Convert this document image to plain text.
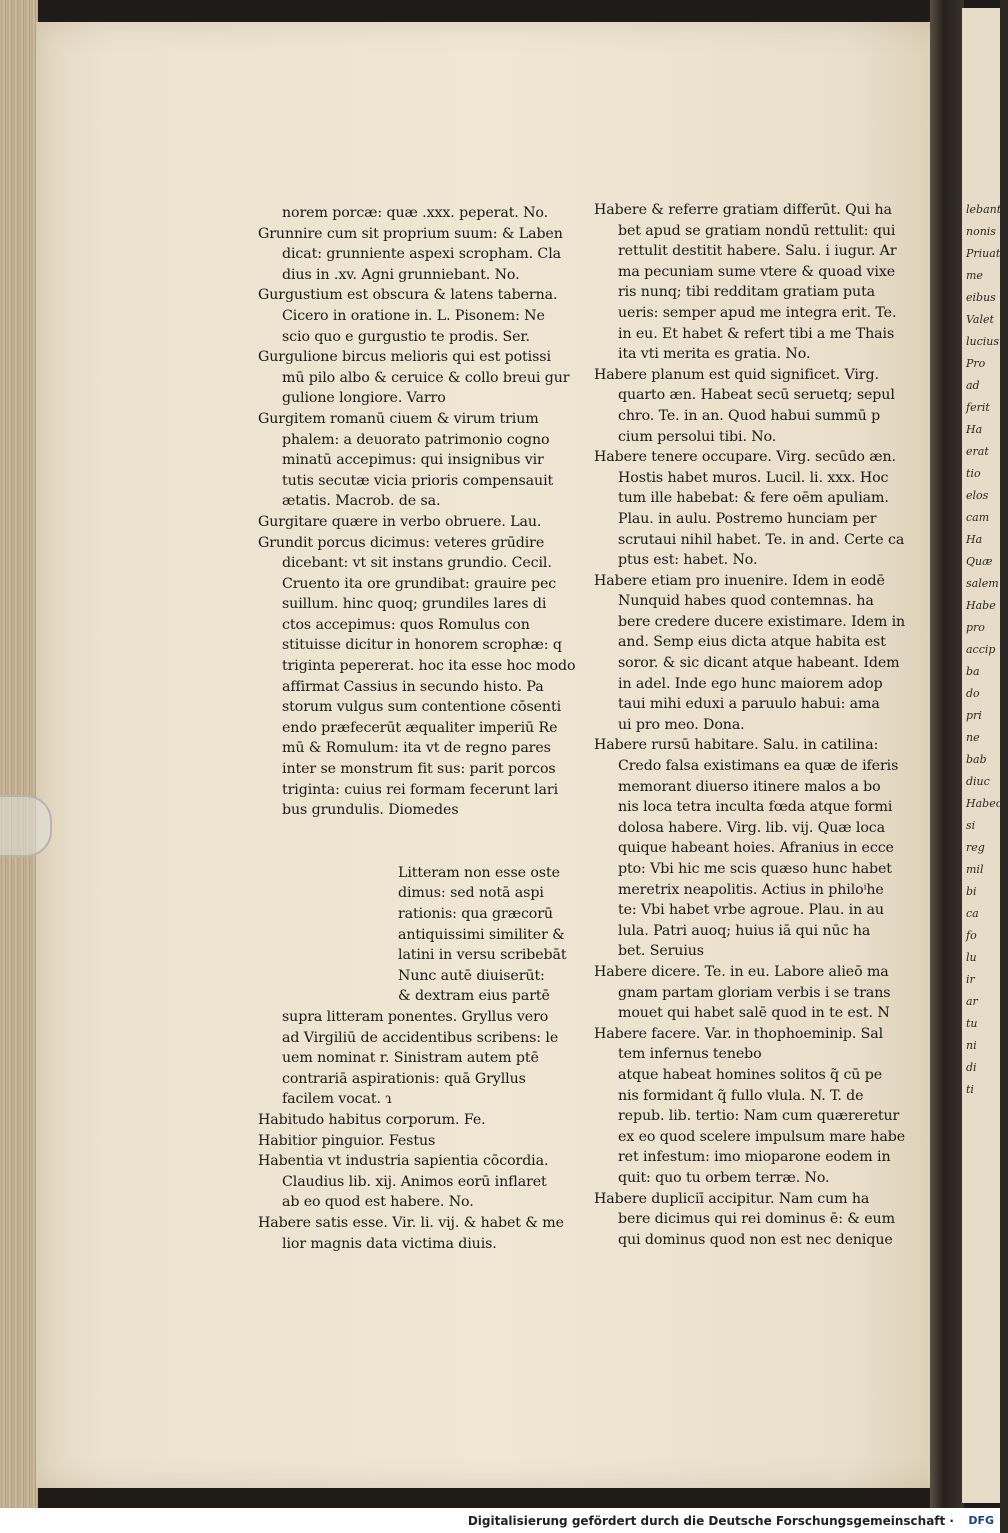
lebanto
nonis
Priuata
me
eibus
Valet
lucius
Pro
ad
ferit
Ha
erat
tio
elos
cam
Ha
Quæ
salem
Habe
pro
accip
ba
do
pri
ne
bab
diuc
Habeo
si
reg
mil
bi
ca
fo
lu
ir
ar
tu
ni
di
ti
norem porcæ: quæ .xxx. peperat. No.
Grunnire cum sit proprium suum: & Laben
dicat: grunniente aspexi scropham. Cla
dius in .xv. Agni grunniebant. No.
Gurgustium est obscura & latens taberna.
Cicero in oratione in. L. Pisonem: Ne
scio quo e gurgustio te prodis. Ser.
Gurgulione bircus melioris qui est potissi
mū pilo albo & ceruice & collo breui gur
gulione longiore. Varro
Gurgitem romanū ciuem & virum trium
phalem: a deuorato patrimonio cogno
minatū accepimus: qui insignibus vir
tutis secutæ vicia prioris compensauit
ætatis. Macrob. de sa.
Gurgitare quære in verbo obruere. Lau.
Grundit porcus dicimus: veteres grūdire
dicebant: vt sit instans grundio. Cecil.
Cruento ita ore grundibat: grauire pec
suillum. hinc quoq; grundiles lares di
ctos accepimus: quos Romulus con
stituisse dicitur in honorem scrophæ: q
triginta pepererat. hoc ita esse hoc modo
affirmat Cassius in secundo histo. Pa
storum vulgus sum contentione cōsenti
endo præfecerūt æqualiter imperiū Re
mū & Romulum: ita vt de regno pares
inter se monstrum fit sus: parit porcos
triginta: cuius rei formam fecerunt lari
bus grundulis. Diomedes
Litteram non esse oste
dimus: sed notā aspi
rationis: qua græcorū
antiquissimi similiter &
latini in versu scribebāt
Nunc autē diuiserūt:
& dextram eius partē
supra litteram ponentes. Gryllus vero
ad Virgiliū de accidentibus scribens: le
uem nominat r. Sinistram autem ptē
contrariā aspirationis: quā Gryllus
facilem vocat. ɿ
Habitudo habitus corporum. Fe.
Habitior pinguior. Festus
Habentia vt industria sapientia cōcordia.
Claudius lib. xij. Animos eorū inflaret
ab eo quod est habere. No.
Habere satis esse. Vir. li. vij. & habet & me
lior magnis data victima diuis.
Habere & referre gratiam differūt. Qui ha
bet apud se gratiam nondū rettulit: qui
rettulit destitit habere. Salu. i iugur. Ar
ma pecuniam sume vtere & quoad vixe
ris nunq; tibi redditam gratiam puta
ueris: semper apud me integra erit. Te.
in eu. Et habet & refert tibi a me Thais
ita vti merita es gratia. No.
Habere planum est quid significet. Virg.
quarto æn. Habeat secū seruetq; sepul
chro. Te. in an. Quod habui summū p
cium persolui tibi. No.
Habere tenere occupare. Virg. secūdo æn.
Hostis habet muros. Lucil. li. xxx. Hoc
tum ille habebat: & fere oēm apuliam.
Plau. in aulu. Postremo hunciam per
scrutaui nihil habet. Te. in and. Certe ca
ptus est: habet. No.
Habere etiam pro inuenire. Idem in eodē
Nunquid habes quod contemnas. ha
bere credere ducere existimare. Idem in
and. Semp eius dicta atque habita est
soror. & sic dicant atque habeant. Idem
in adel. Inde ego hunc maiorem adop
taui mihi eduxi a paruulo habui: ama
ui pro meo. Dona.
Habere rursū habitare. Salu. in catilina:
Credo falsa existimans ea quæ de iferis
memorant diuerso itinere malos a bo
nis loca tetra inculta fœda atque formi
dolosa habere. Virg. lib. vij. Quæ loca
quique habeant hoies. Afranius in ecce
pto: Vbi hic me scis quæso hunc habet
meretrix neapolitis. Actius in philoⁱhe
te: Vbi habet vrbe agroue. Plau. in au
lula. Patri auoq; huius iā qui nūc ha
bet. Seruius
Habere dicere. Te. in eu. Labore alieō ma
gnam partam gloriam verbis i se trans
mouet qui habet salē quod in te est. N
Habere facere. Var. in thophoeminip. Sal
tem infernus tenebo
atque habeat homines solitos q̃ cū pe
nis formidant q̃ fullo vlula. N. T. de
repub. lib. tertio: Nam cum quæreretur
ex eo quod scelere impulsum mare habe
ret infestum: imo mioparone eodem in
quit: quo tu orbem terræ. No.
Habere dupliciī accipitur. Nam cum ha
bere dicimus qui rei dominus ē: & eum
qui dominus quod non est nec denique
Digitalisierung gefördert durch die Deutsche Forschungsgemeinschaft ·	DFG
